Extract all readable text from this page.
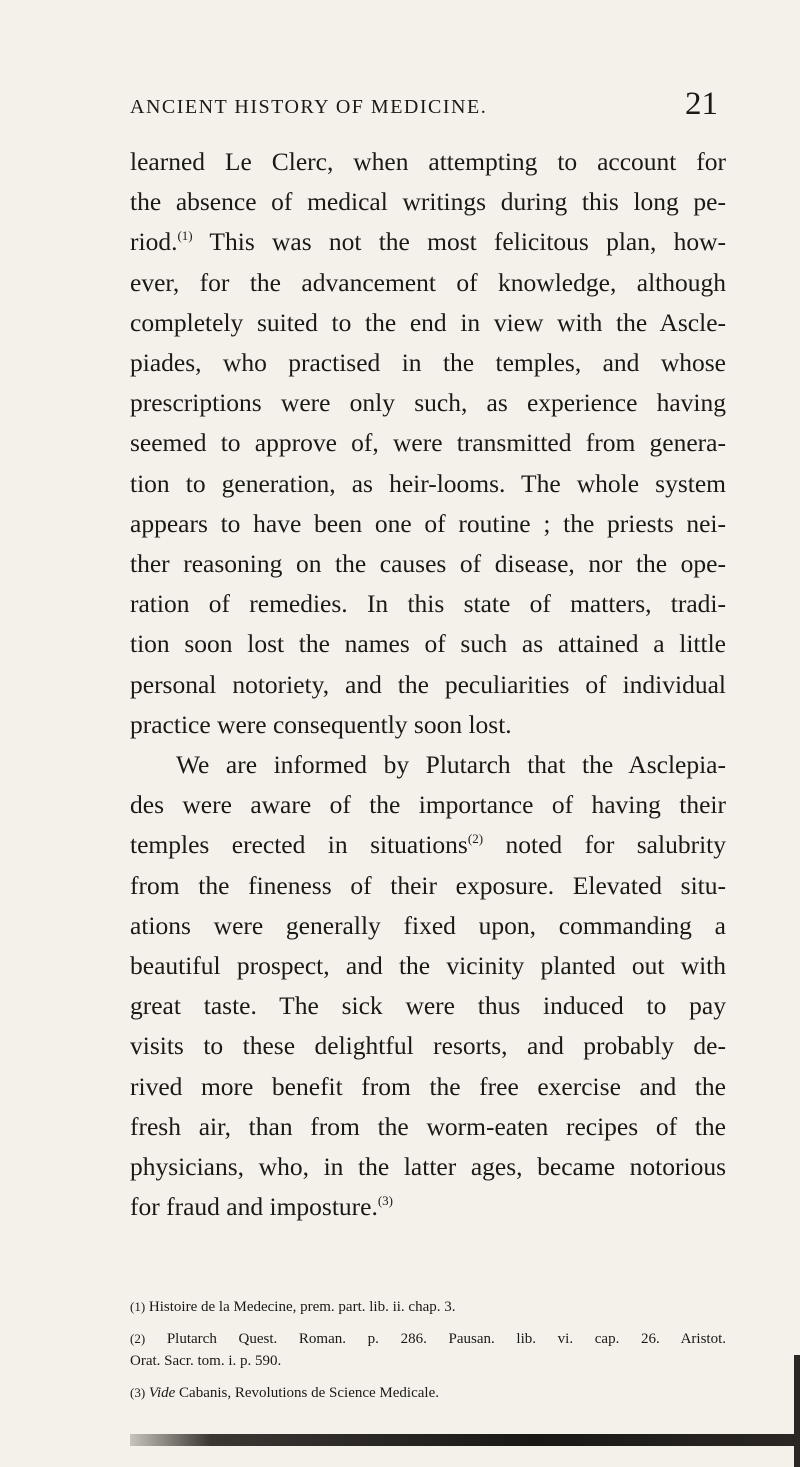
ANCIENT HISTORY OF MEDICINE.	21
learned Le Clerc, when attempting to account for
the absence of medical writings during this long pe-
riod.$^{(1)}$ This was not the most felicitous plan, how-
ever, for the advancement of knowledge, although
completely suited to the end in view with the Ascle-
piades, who practised in the temples, and whose
prescriptions were only such, as experience having
seemed to approve of, were transmitted from genera-
tion to generation, as heir-looms. The whole system
appears to have been one of routine ; the priests nei-
ther reasoning on the causes of disease, nor the ope-
ration of remedies. In this state of matters, tradi-
tion soon lost the names of such as attained a little
personal notoriety, and the peculiarities of individual
practice were consequently soon lost.
We are informed by Plutarch that the Asclepia-
des were aware of the importance of having their
temples erected in situations$^{(2)}$ noted for salubrity
from the fineness of their exposure. Elevated situ-
ations were generally fixed upon, commanding a
beautiful prospect, and the vicinity planted out with
great taste. The sick were thus induced to pay
visits to these delightful resorts, and probably de-
rived more benefit from the free exercise and the
fresh air, than from the worm-eaten recipes of the
physicians, who, in the latter ages, became notorious
for fraud and imposture.$^{(3)}$
(1) Histoire de la Medecine, prem. part. lib. ii. chap. 3.
(2) Plutarch Quest. Roman. p. 286. Pausan. lib. vi. cap. 26. Aristot.
Orat. Sacr. tom. i. p. 590.
(3) Vide Cabanis, Revolutions de Science Medicale.
